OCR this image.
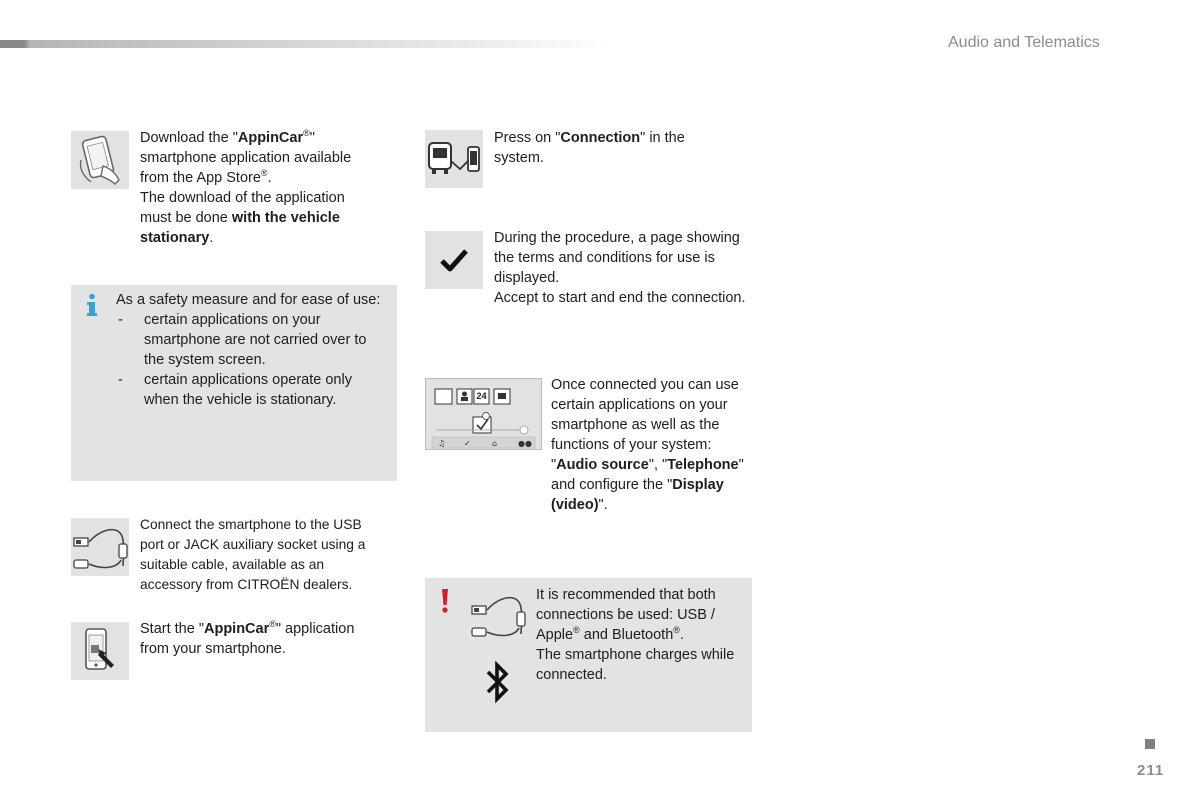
Audio and Telematics

Download the "AppinCar®" smartphone application available from the App Store®.

The download of the application must be done with the vehicle stationary.

As a safety measure and for ease of use:

- certain applications on your smartphone are not carried over to the system screen.
- certain applications operate only when the vehicle is stationary.
Connect the smartphone to the USB port or JACK auxiliary socket using a suitable cable, available as an accessory from CITROËN dealers.
Start the "AppinCar®" application from your smartphone.
Press on "Connection" in the system.

During the procedure, a page showing the terms and conditions for use is displayed.

Accept to start and end the connection.

♫ ✓	⌂	●●
24
Once connected you can use certain applications on your smartphone as well as the functions of your system: "Audio source", "Telephone" and configure the "Display (video)".

It is recommended that both connections be used: USB / Apple® and Bluetooth®.

The smartphone charges while connected.

211
